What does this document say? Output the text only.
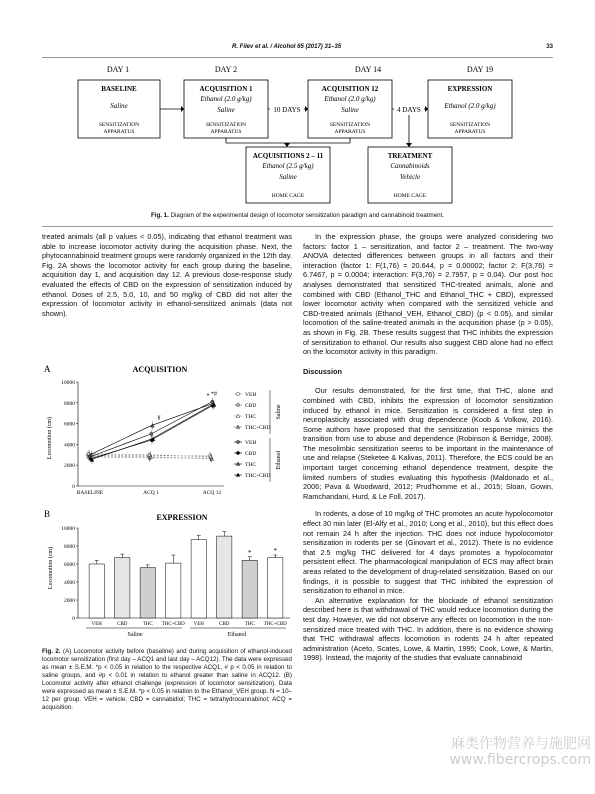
R. Filev et al. / Alcohol 65 (2017) 31–35	33
DAY 1	DAY 2	DAY 14	DAY 19
BASELINE
Saline
SENSITIZATION
APPARATUS
ACQUISITION 1
Ethanol (2.0 g/kg)
Saline
SENSITIZATION
APPARATUS
ACQUISITION 12
Ethanol (2.0 g/kg)
Saline
SENSITIZATION
APPARATUS
EXPRESSION
Ethanol (2.0 g/kg)
SENSITIZATION
APPARATUS
10 DAYS	4 DAYS
ACQUISITIONS 2 – 11
Ethanol (2.5 g/kg)
Saline
HOME CAGE
TREATMENT
Cannabinoids
Vehicle
HOME CAGE
Fig. 1. Diagram of the experimental design of locomotor sensitization paradigm and cannabinoid treatment.

treated animals (all p values < 0.05), indicating that ethanol treatment was able to increase locomotor activity during the acquisition phase. Next, the phytocannabinoid treatment groups were randomly organized in the 12th day. Fig. 2A shows the locomotor activity for each group during the baseline, acquisition day 1, and acquisition day 12. A previous dose-response study evaluated the effects of CBD on the expression of sensitization induced by ethanol. Doses of 2.5, 5.0, 10, and 50 mg/kg of CBD did not alter the expression of locomotor activity in ethanol-sensitized animals (data not shown).

A	ACQUISITION
Locomotion (cm)
0
2000
4000
6000
8000
10000
BASELINE	ACQ 1	ACQ 12
*#
*
¥
VEH
CBD
THC
THC+CBD
VEH
CBD
THC
THC+CBD
Saline
Ethanol
B	EXPRESSION
Locomotion (cm)
0
2000
4000
6000
8000
10000
VEH	CBD	THC THC+CBD VEH	CBD	THC THC+CBD
Saline	Ethanol
*	*
Fig. 2. (A) Locomotor activity before (baseline) and during acquisition of ethanol-induced locomotor sensitization (first day – ACQ1 and last day – ACQ12). The data were expressed as mean ± S.E.M. *p < 0.05 in relation to the respective ACQ1, # p < 0.05 in relation to saline groups, and #p < 0.01 in relation to ethanol greater than saline in ACQ12. (B) Locomotor activity after ethanol challenge (expression of locomotor sensitization). Data were expressed as mean ± S.E.M. *p < 0.05 in relation to the Ethanol_VEH group. N = 10–12 per group. VEH = vehicle; CBD = cannabidiol; THC = tetrahydrocannabinol; ACQ = acquisition.

In the expression phase, the groups were analyzed considering two factors: factor 1 – sensitization, and factor 2 – treatment. The two-way ANOVA detected differences between groups in all factors and their interaction (factor 1: F(1,76) = 20.644, p = 0.00002; factor 2: F(3,76) = 6.7467, p = 0.0004; interaction: F(3,76) = 2.7957, p = 0.04). Our post hoc analyses demonstrated that sensitized THC-treated animals, alone and combined with CBD (Ethanol_THC and Ethanol_THC + CBD), expressed lower locomotor activity when compared with the sensitized vehicle and CBD-treated animals (Ethanol_VEH, Ethanol_CBD) (p < 0.05), and similar locomotion of the saline-treated animals in the acquisition phase (p > 0.05), as shown in Fig. 2B. These results suggest that THC inhibits the expression of sensitization to ethanol. Our results also suggest CBD alone had no effect on the locomotor activity in this paradigm.

Discussion

Our results demonstrated, for the first time, that THC, alone and combined with CBD, inhibits the expression of locomotor sensitization induced by ethanol in mice. Sensitization is considered a first step in neuroplasticity associated with drug dependence (Koob & Volkow, 2016). Some authors have proposed that the sensitization response mimics the transition from use to abuse and dependence (Robinson & Berridge, 2008). The mesolimbic sensitization seems to be important in the maintenance of use and relapse (Steketee & Kalivas, 2011). Therefore, the ECS could be an important target concerning ethanol dependence treatment, despite the limited numbers of studies evaluating this hypothesis (Maldonado et al., 2006; Pava & Woodward, 2012; Prud'homme et al., 2015; Sloan, Gowin, Ramchandani, Hurd, & Le Foll, 2017).

In rodents, a dose of 10 mg/kg of THC promotes an acute hypolocomotor effect 30 min later (El-Alfy et al., 2010; Long et al., 2010), but this effect does not remain 24 h after the injection. THC does not induce hypolocomotor sensitization in rodents per se (Ginovart et al., 2012). There is no evidence that 2.5 mg/kg THC delivered for 4 days promotes a hypolocomotor persistent effect. The pharmacological manipulation of ECS may affect brain areas related to the development of drug-related sensitization. Based on our findings, it is possible to suggest that THC inhibited the expression of sensitization to ethanol in mice.

An alternative explanation for the blockade of ethanol sensitization described here is that withdrawal of THC would reduce locomotion during the test day. However, we did not observe any effects on locomotion in the non-sensitized mice treated with THC. In addition, there is no evidence showing that THC withdrawal affects locomotion in rodents 24 h after repeated administration (Aceto, Scates, Lowe, & Martin, 1995; Cook, Lowe, & Martin, 1998). Instead, the majority of the studies that evaluate cannabinoid

麻类作物营养与施肥网
www.fibercrops.com
